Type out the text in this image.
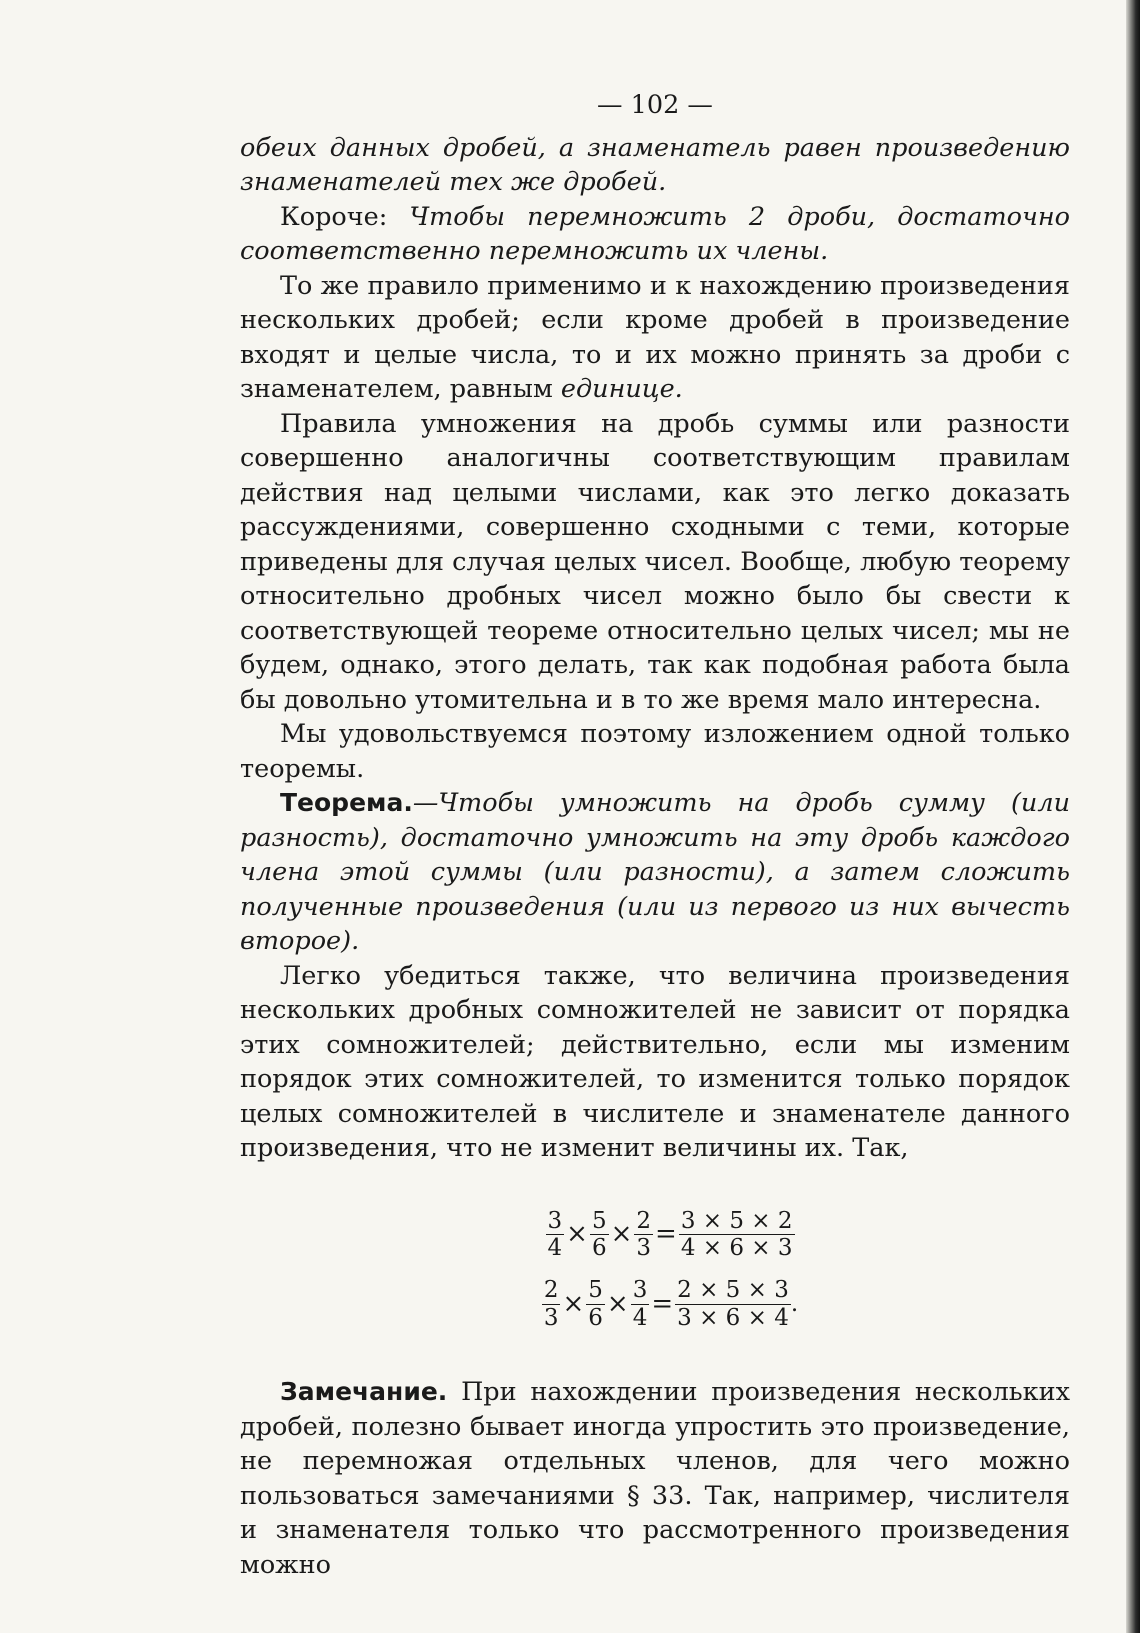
— 102 —

обеих данных дробей, а знаменатель равен произведению знаменателей тех же дробей.

Короче: Чтобы перемножить 2 дроби, достаточно соответственно перемножить их члены.

То же правило применимо и к нахождению произведения нескольких дробей; если кроме дробей в произведение входят и целые числа, то и их можно принять за дроби с знаменателем, равным единице.

Правила умножения на дробь суммы или разности совершенно аналогичны соответствующим правилам действия над целыми числами, как это легко доказать рассуждениями, совершенно сходными с теми, которые приведены для случая целых чисел. Вообще, любую теорему относительно дробных чисел можно было бы свести к соответствующей теореме относительно целых чисел; мы не будем, однако, этого делать, так как подобная работа была бы довольно утомительна и в то же время мало интересна.

Мы удовольствуемся поэтому изложением одной только теоремы.

Теорема.—Чтобы умножить на дробь сумму (или разность), достаточно умножить на эту дробь каждого члена этой суммы (или разности), а затем сложить полученные произведения (или из первого из них вычесть второе).

Легко убедиться также, что величина произведения нескольких дробных сомножителей не зависит от порядка этих сомножителей; действительно, если мы изменим порядок этих сомножителей, то изменится только порядок целых сомножителей в числителе и знаменателе данного произведения, что не изменит величины их. Так,

$\frac{3}{4} \times \frac{5}{6} \times \frac{2}{3} = \frac{3 \times 5 \times 2}{4 \times 6 \times 3}$

$\frac{2}{3} \times \frac{5}{6} \times \frac{3}{4} = \frac{2 \times 5 \times 3}{3 \times 6 \times 4}$ .

Замечание. При нахождении произведения нескольких дробей, полезно бывает иногда упростить это произведение, не перемножая отдельных членов, для чего можно пользоваться замечаниями § 33. Так, например, числителя и знаменателя только что рассмотренного произведения можно
